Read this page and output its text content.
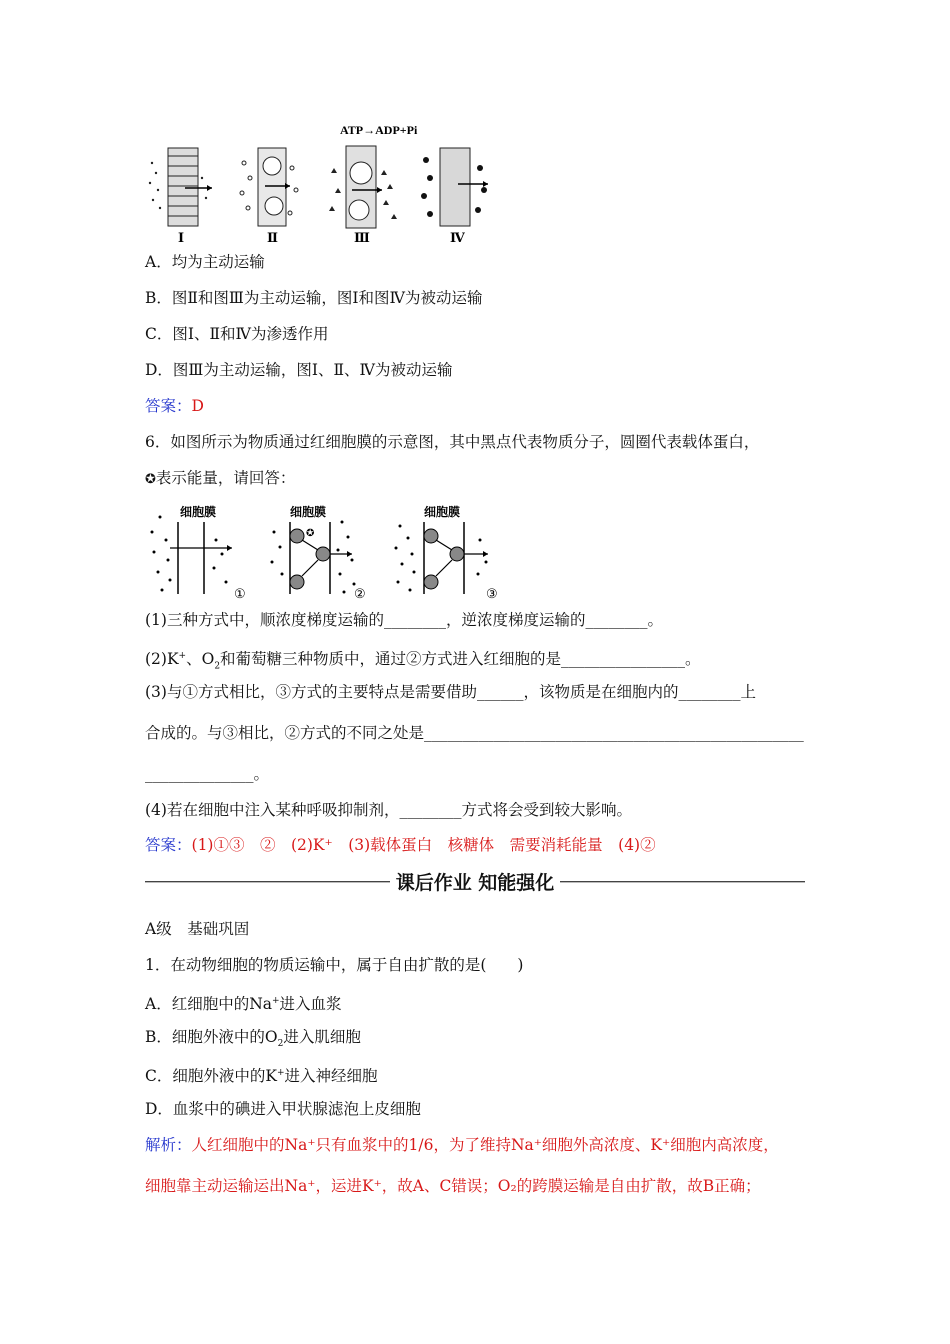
ATP→ADP+Pi
Ⅰ	Ⅱ	Ⅲ	Ⅳ
A．均为主动运输
B．图Ⅱ和图Ⅲ为主动运输，图Ⅰ和图Ⅳ为被动运输
C．图Ⅰ、Ⅱ和Ⅳ为渗透作用
D．图Ⅲ为主动运输，图Ⅰ、Ⅱ、Ⅳ为被动运输
答案：D
6．如图所示为物质通过红细胞膜的示意图，其中黑点代表物质分子，圆圈代表载体蛋白，
✪表示能量，请回答：
细胞膜
①
细胞膜
✪
②
细胞膜
③
(1)三种方式中，顺浓度梯度运输的________，逆浓度梯度运输的________。
(2)K+、$O_2$和葡萄糖三种物质中，通过②方式进入红细胞的是________________。
(3)与①方式相比，③方式的主要特点是需要借助______，该物质是在细胞内的________上
合成的。与③相比，②方式的不同之处是_________________________________________________
______________。
(4)若在细胞中注入某种呼吸抑制剂，________方式将会受到较大影响。
答案：(1)①③　②　(2)K⁺　(3)载体蛋白　核糖体　需要消耗能量　(4)②
课后作业 知能强化
A级　基础巩固
1．在动物细胞的物质运输中，属于自由扩散的是(　　)
A．红细胞中的Na+进入血浆
B．细胞外液中的$O_2$进入肌细胞
C．细胞外液中的K+进入神经细胞
D．血浆中的碘进入甲状腺滤泡上皮细胞
解析：人红细胞中的Na⁺只有血浆中的1/6，为了维持Na⁺细胞外高浓度、K⁺细胞内高浓度，
细胞靠主动运输运出Na⁺，运进K⁺，故A、C错误；O₂的跨膜运输是自由扩散，故B正确；
